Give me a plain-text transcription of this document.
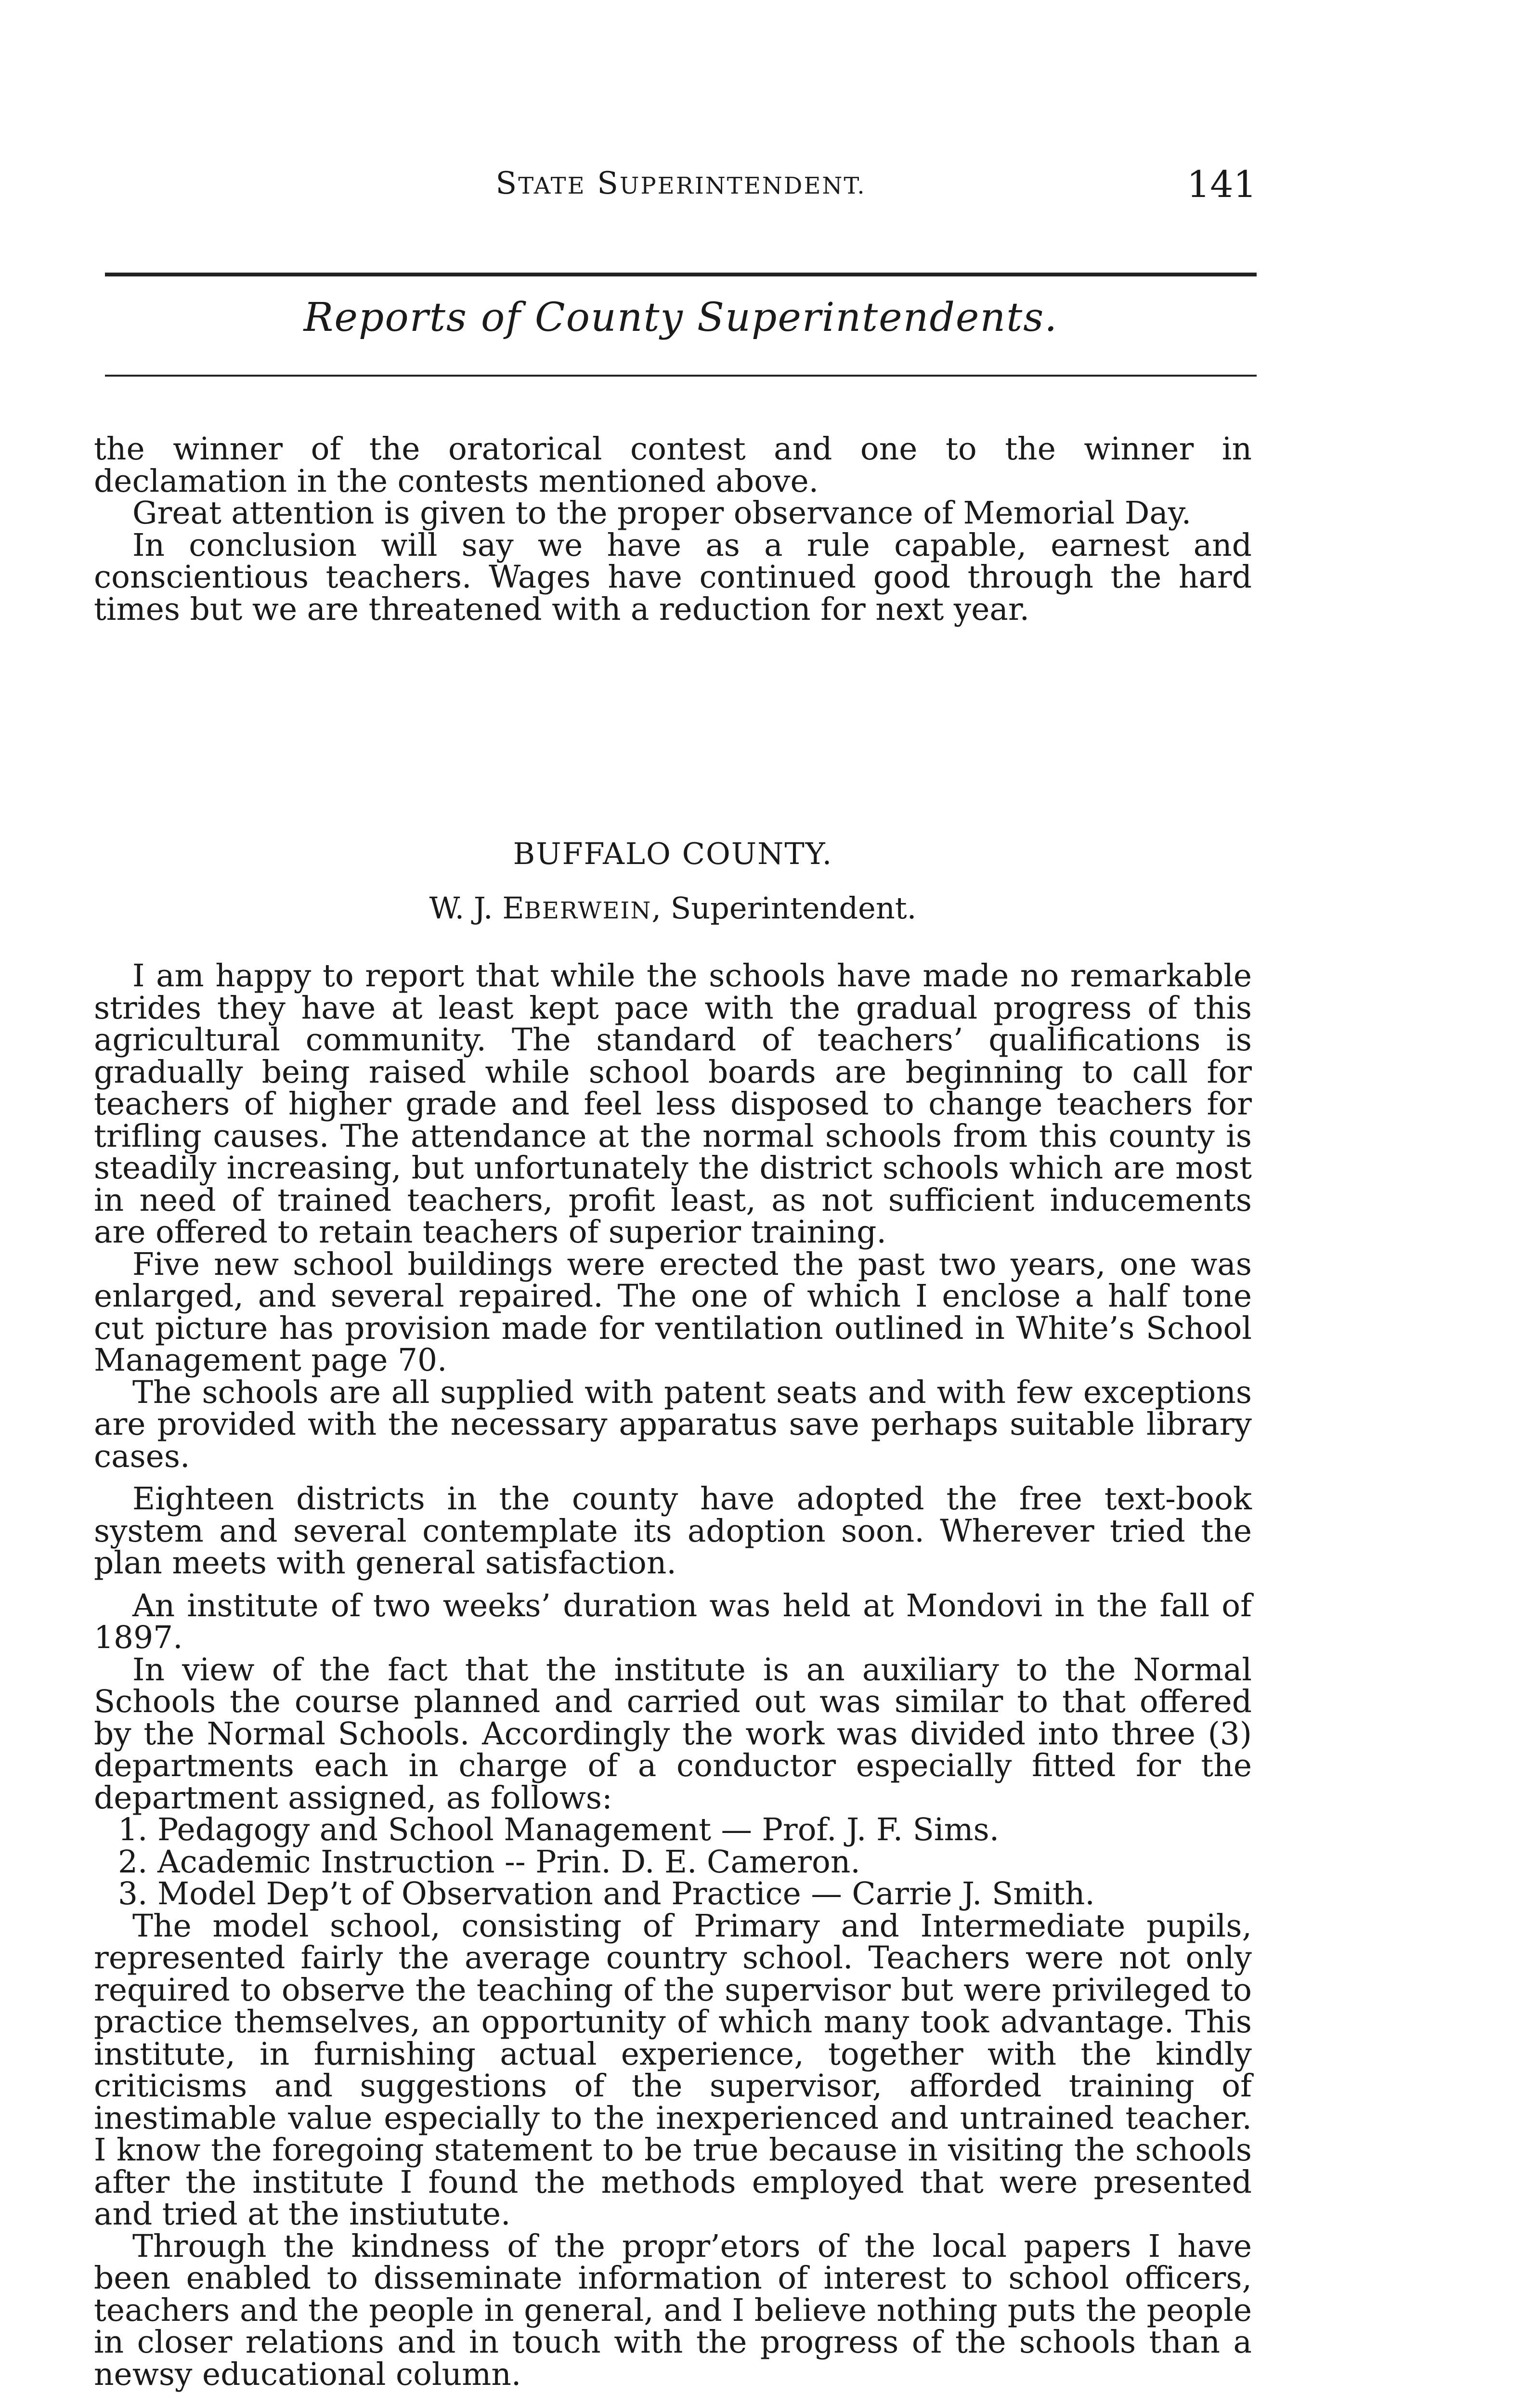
STATE SUPERINTENDENT.	141
Reports of County Superintendents.

the winner of the oratorical contest and one to the winner in declamation in the contests mentioned above.

Great attention is given to the proper observance of Memorial Day.

In conclusion will say we have as a rule capable, earnest and conscientious teachers. Wages have continued good through the hard times but we are threatened with a reduction for next year.

BUFFALO COUNTY.

W. J. EBERWEIN, Superintendent.

I am happy to report that while the schools have made no remarkable strides they have at least kept pace with the gradual progress of this agricultural community. The standard of teachers’ qualifications is gradually being raised while school boards are beginning to call for teachers of higher grade and feel less disposed to change teachers for trifling causes. The attendance at the normal schools from this county is steadily increasing, but unfortunately the district schools which are most in need of trained teachers, profit least, as not sufficient inducements are offered to retain teachers of superior training.

Five new school buildings were erected the past two years, one was enlarged, and several repaired. The one of which I enclose a half tone cut picture has provision made for ventilation outlined in White’s School Management page 70.

The schools are all supplied with patent seats and with few exceptions are provided with the necessary apparatus save perhaps suitable library cases.

Eighteen districts in the county have adopted the free text-book system and several contemplate its adoption soon. Wherever tried the plan meets with general satisfaction.

An institute of two weeks’ duration was held at Mondovi in the fall of 1897.

In view of the fact that the institute is an auxiliary to the Normal Schools the course planned and carried out was similar to that offered by the Normal Schools. Accordingly the work was divided into three (3) departments each in charge of a conductor especially fitted for the department assigned, as follows:

1. Pedagogy and School Management — Prof. J. F. Sims.

2. Academic Instruction -- Prin. D. E. Cameron.

3. Model Dep’t of Observation and Practice — Carrie J. Smith.

The model school, consisting of Primary and Intermediate pupils, represented fairly the average country school. Teachers were not only required to observe the teaching of the supervisor but were privileged to practice themselves, an opportunity of which many took advantage. This institute, in furnishing actual experience, together with the kindly criticisms and suggestions of the supervisor, afforded training of inestimable value especially to the inexperienced and untrained teacher. I know the foregoing statement to be true because in visiting the schools after the institute I found the methods employed that were presented and tried at the instiutute.

Through the kindness of the propr’etors of the local papers I have been enabled to disseminate information of interest to school officers, teachers and the people in general, and I believe nothing puts the people in closer relations and in touch with the progress of the schools than a newsy educational column.
